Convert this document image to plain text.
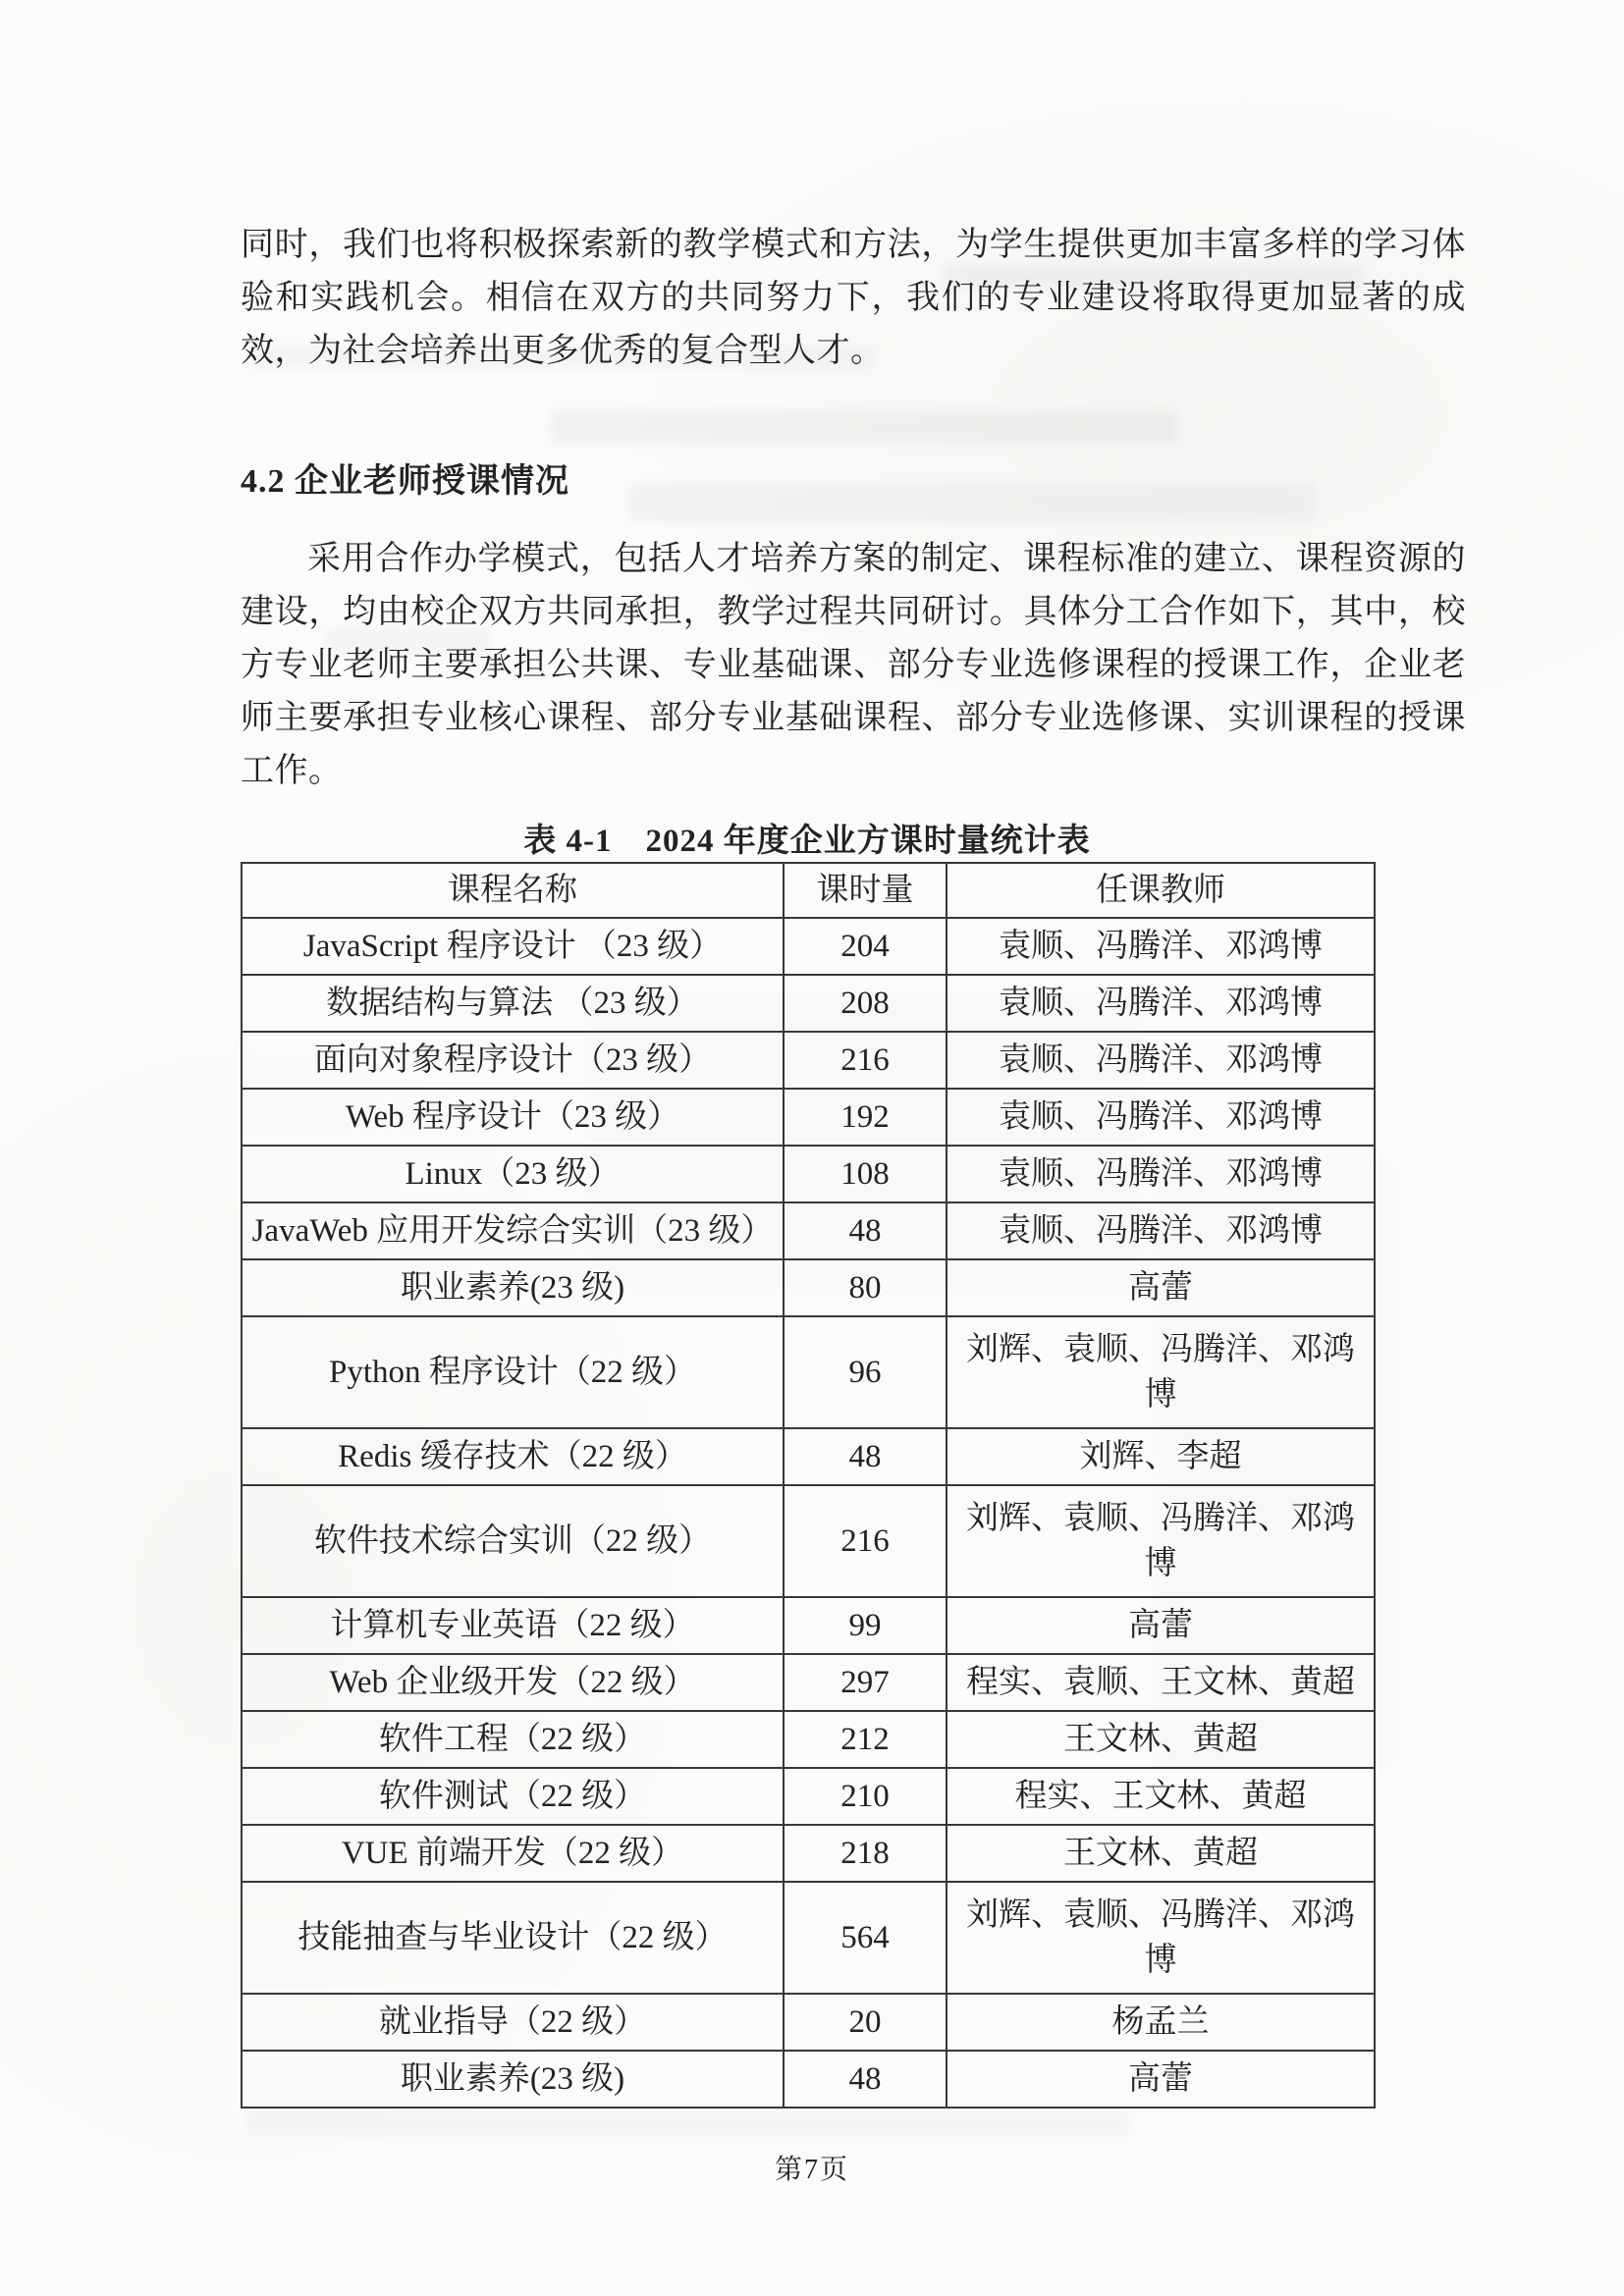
同时，我们也将积极探索新的教学模式和方法，为学生提供更加丰富多样的学习体验和实践机会。相信在双方的共同努力下，我们的专业建设将取得更加显著的成效，为社会培养出更多优秀的复合型人才。
4.2 企业老师授课情况
采用合作办学模式，包括人才培养方案的制定、课程标准的建立、课程资源的建设，均由校企双方共同承担，教学过程共同研讨。具体分工合作如下，其中，校方专业老师主要承担公共课、专业基础课、部分专业选修课程的授课工作，企业老师主要承担专业核心课程、部分专业基础课程、部分专业选修课、实训课程的授课工作。
表 4-1　2024 年度企业方课时量统计表
课程名称	课时量	任课教师
JavaScript 程序设计 （23 级）	204	袁顺、冯腾洋、邓鸿博
数据结构与算法 （23 级）	208	袁顺、冯腾洋、邓鸿博
面向对象程序设计（23 级）	216	袁顺、冯腾洋、邓鸿博
Web 程序设计（23 级）	192	袁顺、冯腾洋、邓鸿博
Linux（23 级）	108	袁顺、冯腾洋、邓鸿博
JavaWeb 应用开发综合实训（23 级）	48	袁顺、冯腾洋、邓鸿博
职业素养(23 级)	80	高蕾
Python 程序设计（22 级）	96	刘辉、袁顺、冯腾洋、邓鸿博
Redis 缓存技术（22 级）	48	刘辉、李超
软件技术综合实训（22 级）	216	刘辉、袁顺、冯腾洋、邓鸿博
计算机专业英语（22 级）	99	高蕾
Web 企业级开发（22 级）	297	程实、袁顺、王文林、黄超
软件工程（22 级）	212	王文林、黄超
软件测试（22 级）	210	程实、王文林、黄超
VUE 前端开发（22 级）	218	王文林、黄超
技能抽查与毕业设计（22 级）	564	刘辉、袁顺、冯腾洋、邓鸿博
就业指导（22 级）	20	杨孟兰
职业素养(23 级)	48	高蕾
第7页
